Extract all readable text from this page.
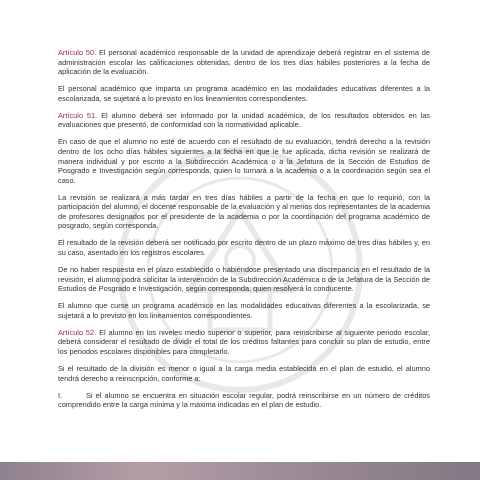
Artículo 50. El personal académico responsable de la unidad de aprendizaje deberá registrar en el sistema de administración escolar las calificaciones obtenidas, dentro de los tres días hábiles posteriores a la fecha de aplicación de la evaluación.

El personal académico que imparta un programa académico en las modalidades educativas diferentes a la escolarizada, se sujetará a lo previsto en los lineamientos correspondientes.

Artículo 51. El alumno deberá ser informado por la unidad académica, de los resultados obtenidos en las evaluaciones que presentó, de conformidad con la normatividad aplicable.

En caso de que el alumno no esté de acuerdo con el resultado de su evaluación, tendrá derecho a la revisión dentro de los ocho días hábiles siguientes a la fecha en que le fue aplicada, dicha revisión se realizará de manera individual y por escrito a la Subdirección Académica o a la Jefatura de la Sección de Estudios de Posgrado e Investigación según corresponda, quien lo turnará a la academia o a la coordinación según sea el caso.

La revisión se realizará a más tardar en tres días hábiles a partir de la fecha en que lo requirió, con la participación del alumno, el docente responsable de la evaluación y al menos dos representantes de la academia de profesores designados por el presidente de la academia o por la coordinación del programa académico de posgrado, según corresponda.

El resultado de la revisión deberá ser notificado por escrito dentro de un plazo máximo de tres días hábiles y, en su caso, asentado en los registros escolares.

De no haber respuesta en el plazo establecido o habiéndose presentado una discrepancia en el resultado de la revisión, el alumno podrá solicitar la intervención de la Subdirección Académica o de la Jefatura de la Sección de Estudios de Posgrado e Investigación, según corresponda, quien resolverá lo conducente.

El alumno que curse un programa académico en las modalidades educativas diferentes a la escolarizada, se sujetará a lo previsto en los lineamientos correspondientes.

Artículo 52. El alumno en los niveles medio superior o superior, para reinscribirse al siguiente periodo escolar, deberá considerar el resultado de dividir el total de los créditos faltantes para concluir su plan de estudio, entre los periodos escolares disponibles para completarlo.

Si el resultado de la división es menor o igual a la carga media establecida en el plan de estudio, el alumno tendrá derecho a reinscripción, conforme a:

I.	Si el alumno se encuentra en situación escolar regular, podrá reinscribirse en un número de créditos comprendido entre la carga mínima y la máxima indicadas en el plan de estudio.
